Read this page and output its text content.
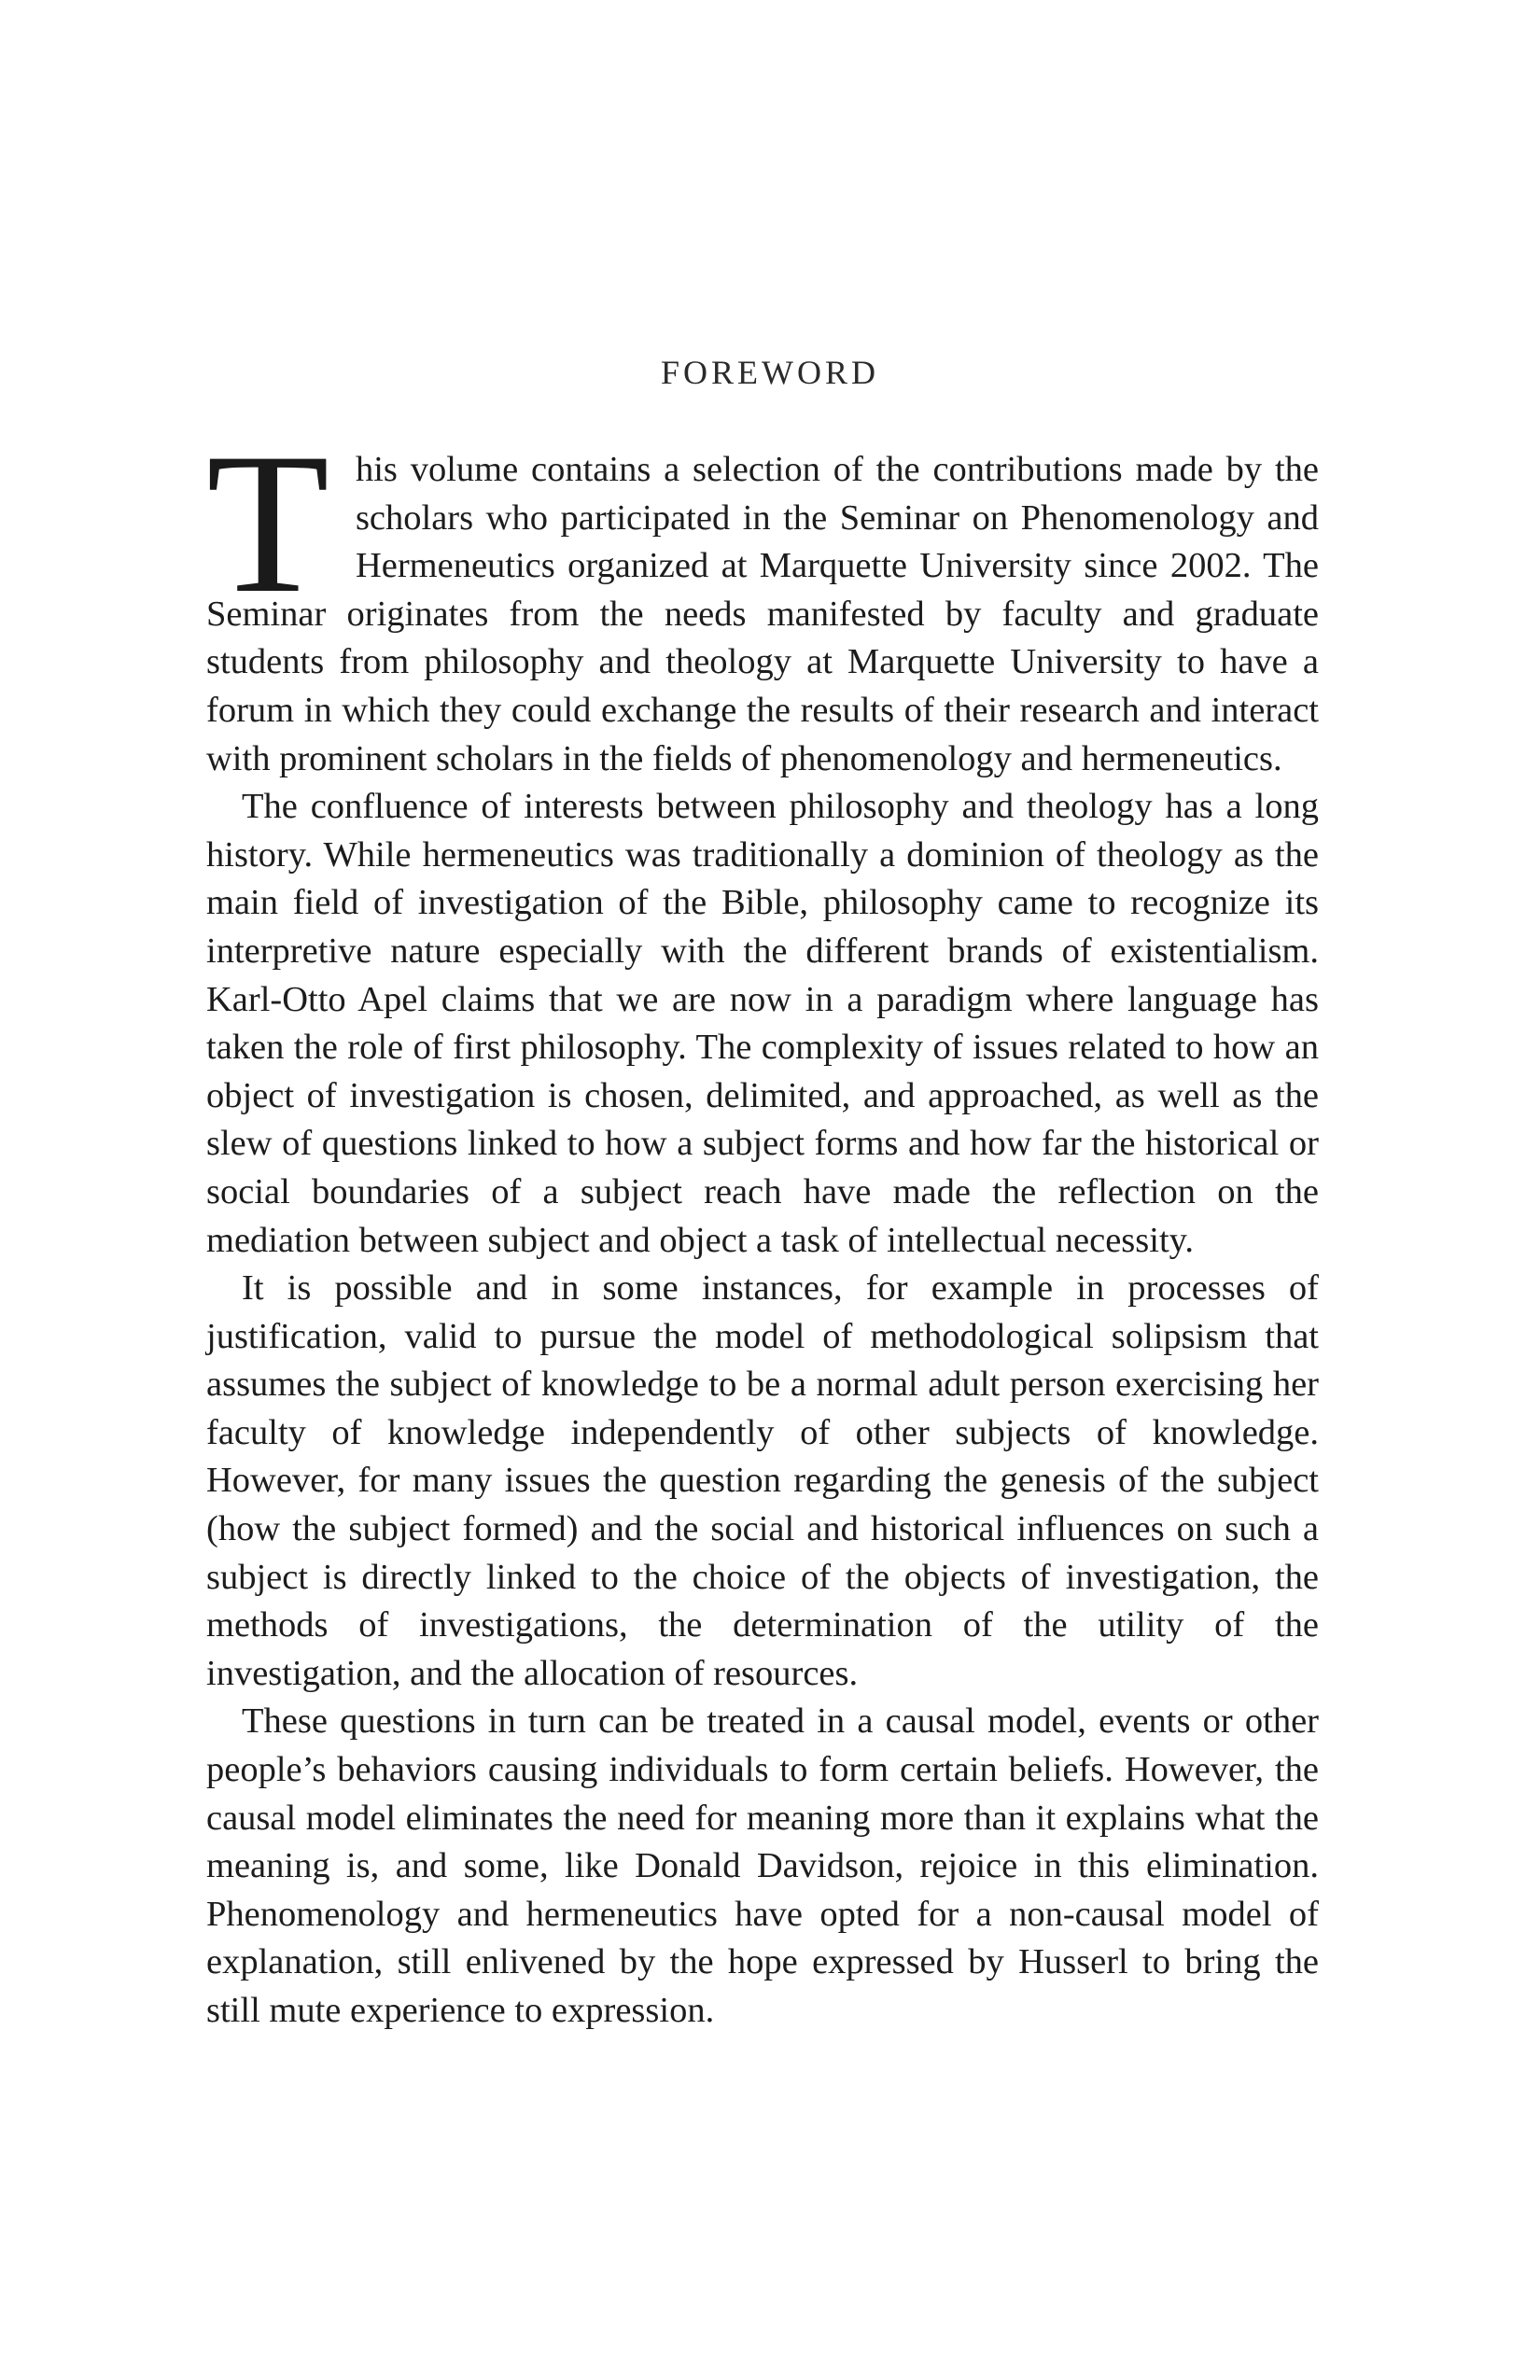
FOREWORD

This volume contains a selection of the contributions made by the scholars who participated in the Seminar on Phenomenology and Hermeneutics organized at Marquette University since 2002. The Seminar originates from the needs manifested by faculty and graduate students from philosophy and theology at Marquette University to have a forum in which they could exchange the results of their research and interact with prominent scholars in the fields of phenomenology and hermeneutics.

The confluence of interests between philosophy and theology has a long history. While hermeneutics was traditionally a dominion of theology as the main field of investigation of the Bible, philosophy came to recognize its interpretive nature especially with the different brands of existentialism. Karl-Otto Apel claims that we are now in a paradigm where language has taken the role of first philosophy. The complexity of issues related to how an object of investigation is chosen, delimited, and approached, as well as the slew of questions linked to how a subject forms and how far the historical or social boundaries of a subject reach have made the reflection on the mediation between subject and object a task of intellectual necessity.

It is possible and in some instances, for example in processes of justification, valid to pursue the model of methodological solipsism that assumes the subject of knowledge to be a normal adult person exercising her faculty of knowledge independently of other subjects of knowledge. However, for many issues the question regarding the genesis of the subject (how the subject formed) and the social and historical influences on such a subject is directly linked to the choice of the objects of investigation, the methods of investigations, the determination of the utility of the investigation, and the allocation of resources.

These questions in turn can be treated in a causal model, events or other people’s behaviors causing individuals to form certain beliefs. However, the causal model eliminates the need for meaning more than it explains what the meaning is, and some, like Donald Davidson, rejoice in this elimination. Phenomenology and hermeneutics have opted for a non-causal model of explanation, still enlivened by the hope expressed by Husserl to bring the still mute experience to expression.
